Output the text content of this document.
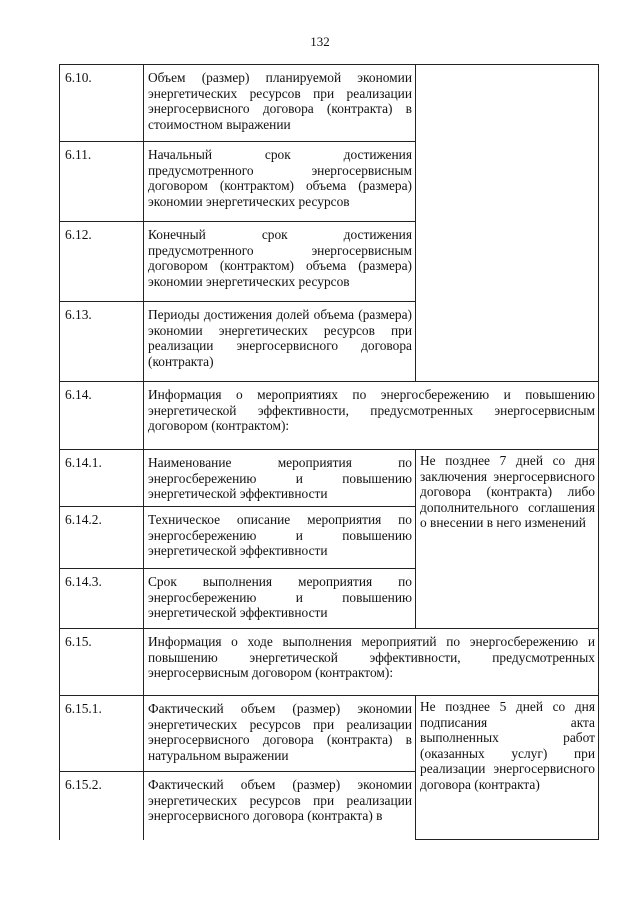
132
6.10.	Объем (размер) планируемой экономии энергетических ресурсов при реализации энергосервисного договора (контракта) в стоимостном выражении	
6.11.	Начальный срок достижения предусмотренного энергосервисным договором (контрактом) объема (размера) экономии энергетических ресурсов	
6.12.	Конечный срок достижения предусмотренного энергосервисным договором (контрактом) объема (размера) экономии энергетических ресурсов	
6.13.	Периоды достижения долей объема (размера) экономии энергетических ресурсов при реализации энергосервисного договора (контракта)	
6.14.	Информация о мероприятиях по энергосбережению и повышению энергетической эффективности, предусмотренных энергосервисным договором (контрактом):	
6.14.1.	Наименование мероприятия по энергосбережению и повышению энергетической эффективности	Не позднее 7 дней со дня заключения энергосервисного договора (контракта) либо дополнительного соглашения о внесении в него изменений
6.14.2.	Техническое описание мероприятия по энергосбережению и повышению энергетической эффективности	
6.14.3.	Срок выполнения мероприятия по энергосбережению и повышению энергетической эффективности	
6.15.	Информация о ходе выполнения мероприятий по энергосбережению и повышению энергетической эффективности, предусмотренных энергосервисным договором (контрактом):	
6.15.1.	Фактический объем (размер) экономии энергетических ресурсов при реализации энергосервисного договора (контракта) в натуральном выражении	Не позднее 5 дней со дня подписания акта выполненных работ (оказанных услуг) при реализации энергосервисного договора (контракта)
6.15.2.	Фактический объем (размер) экономии энергетических ресурсов при реализации энергосервисного договора (контракта) в	
